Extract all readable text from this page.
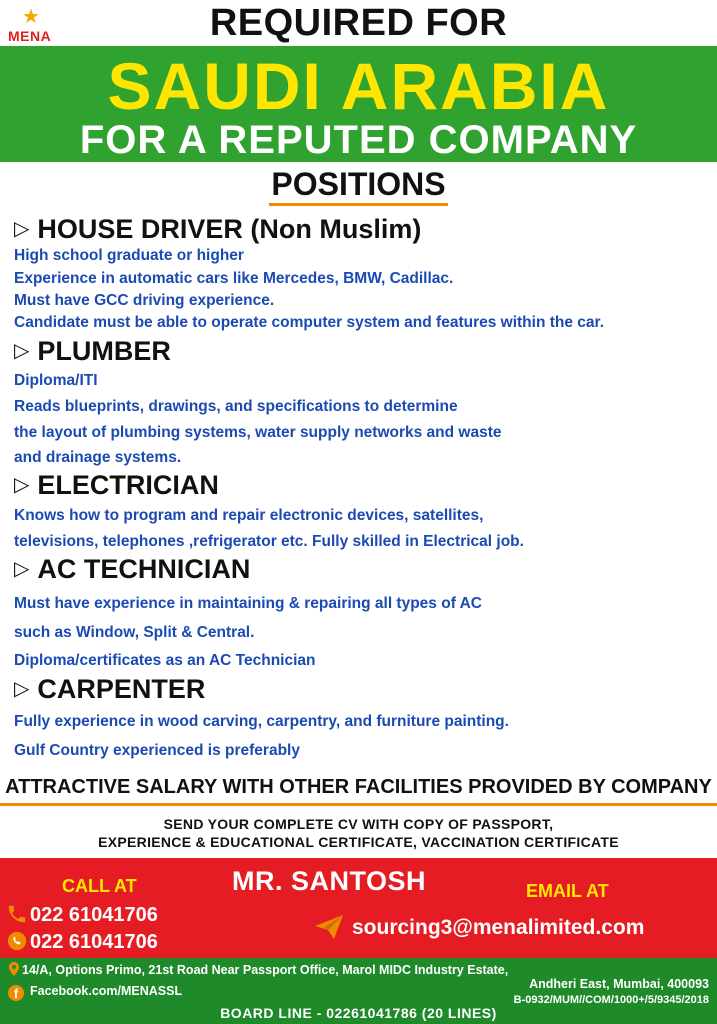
★
MENA	REQUIRED FOR
SAUDI ARABIA
FOR A REPUTED COMPANY
POSITIONS
▷ HOUSE DRIVER (Non Muslim)
High school graduate or higher
Experience in automatic cars like Mercedes, BMW, Cadillac.
Must have GCC driving experience.
Candidate must be able to operate computer system and features within the car.
▷ PLUMBER
Diploma/ITI
Reads blueprints, drawings, and specifications to determine
the layout of plumbing systems, water supply networks and waste
and drainage systems.
▷ ELECTRICIAN
Knows how to program and repair electronic devices, satellites,
televisions, telephones ,refrigerator etc. Fully skilled in Electrical job.
▷ AC TECHNICIAN
Must have experience in maintaining & repairing all types of AC
such as Window, Split & Central.
Diploma/certificates as an AC Technician
▷ CARPENTER
Fully experience in wood carving, carpentry, and furniture painting.
Gulf Country experienced is preferably
ATTRACTIVE SALARY WITH OTHER FACILITIES PROVIDED BY COMPANY
SEND YOUR COMPLETE CV WITH COPY OF PASSPORT,
EXPERIENCE & EDUCATIONAL CERTIFICATE, VACCINATION CERTIFICATE
MR. SANTOSH
CALL AT	EMAIL AT
022 61041706
022 61041706
sourcing3@menalimited.com
14/A, Options Primo, 21st Road Near Passport Office, Marol MIDC Industry Estate,
f Facebook.com/MENASSL	Andheri East, Mumbai, 400093
B-0932/MUM//COM/1000+/5/9345/2018
BOARD LINE - 02261041786 (20 LINES)
